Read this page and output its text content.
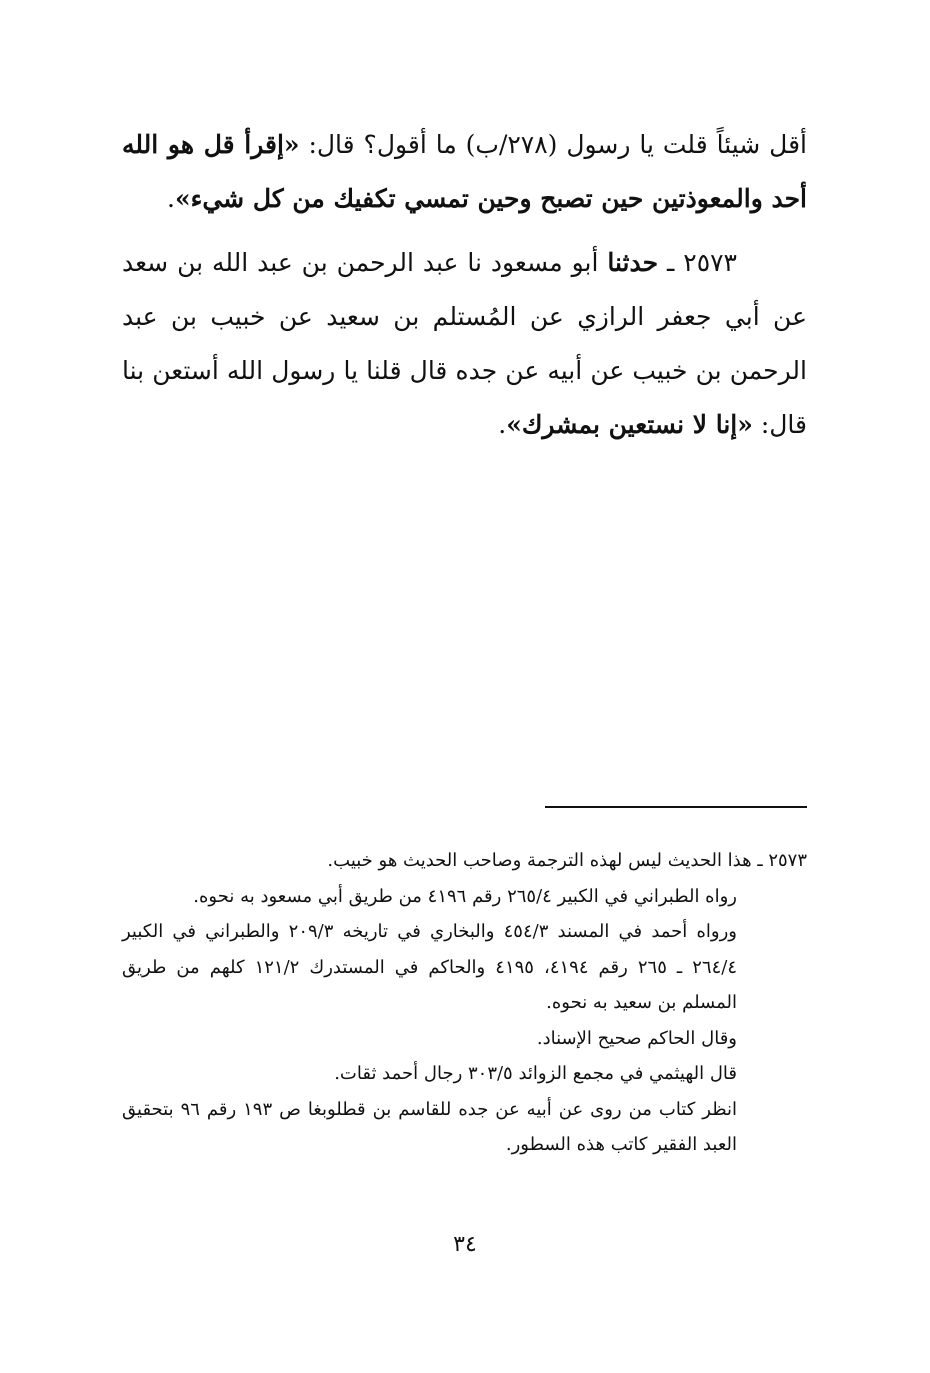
أقل شيئاً قلت يا رسول (٢٧٨/ب) ما أقول؟ قال: «إقرأ قل هو الله أحد والمعوذتين حين تصبح وحين تمسي تكفيك من كل شيء».

٢٥٧٣ ـ حدثنا أبو مسعود نا عبد الرحمن بن عبد الله بن سعد عن أبي جعفر الرازي عن المُستلم بن سعيد عن خبيب بن عبد الرحمن بن خبيب عن أبيه عن جده قال قلنا يا رسول الله أستعن بنا قال: «إنا لا نستعين بمشرك».

٢٥٧٣ ـ هذا الحديث ليس لهذه الترجمة وصاحب الحديث هو خبيب.

رواه الطبراني في الكبير ٢٦٥/٤ رقم ٤١٩٦ من طريق أبي مسعود به نحوه.

ورواه أحمد في المسند ٤٥٤/٣ والبخاري في تاريخه ٢٠٩/٣ والطبراني في الكبير ٢٦٤/٤ ـ ٢٦٥ رقم ٤١٩٤، ٤١٩٥ والحاكم في المستدرك ١٢١/٢ كلهم من طريق المسلم بن سعيد به نحوه.

وقال الحاكم صحيح الإسناد.

قال الهيثمي في مجمع الزوائد ٣٠٣/٥ رجال أحمد ثقات.

انظر كتاب من روى عن أبيه عن جده للقاسم بن قطلوبغا ص ١٩٣ رقم ٩٦ بتحقيق العبد الفقير كاتب هذه السطور.

٣٤
